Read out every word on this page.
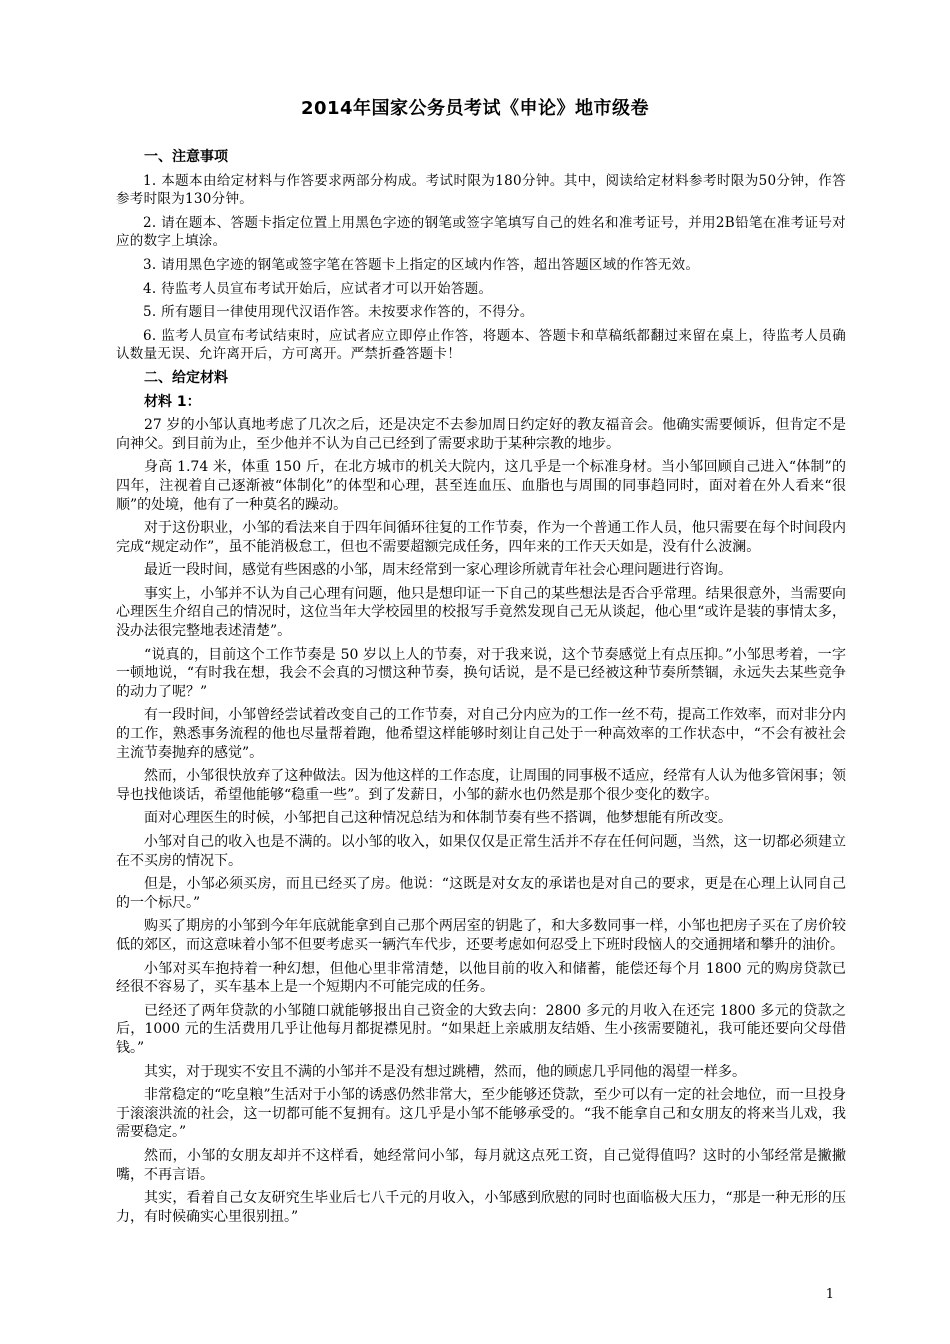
2014年国家公务员考试《申论》地市级卷
一、注意事项

1. 本题本由给定材料与作答要求两部分构成。考试时限为180分钟。其中，阅读给定材料参考时限为50分钟，作答参考时限为130分钟。

2. 请在题本、答题卡指定位置上用黑色字迹的钢笔或签字笔填写自己的姓名和准考证号，并用2B铅笔在准考证号对应的数字上填涂。

3. 请用黑色字迹的钢笔或签字笔在答题卡上指定的区域内作答，超出答题区域的作答无效。

4. 待监考人员宣布考试开始后，应试者才可以开始答题。

5. 所有题目一律使用现代汉语作答。未按要求作答的，不得分。

6. 监考人员宣布考试结束时，应试者应立即停止作答，将题本、答题卡和草稿纸都翻过来留在桌上，待监考人员确认数量无误、允许离开后，方可离开。严禁折叠答题卡！

二、给定材料
材料 1：

27 岁的小邹认真地考虑了几次之后，还是决定不去参加周日约定好的教友福音会。他确实需要倾诉，但肯定不是向神父。到目前为止，至少他并不认为自己已经到了需要求助于某种宗教的地步。

身高 1.74 米，体重 150 斤，在北方城市的机关大院内，这几乎是一个标准身材。当小邹回顾自己进入“体制”的四年，注视着自己逐渐被“体制化”的体型和心理，甚至连血压、血脂也与周围的同事趋同时，面对着在外人看来“很顺”的处境，他有了一种莫名的躁动。

对于这份职业，小邹的看法来自于四年间循环往复的工作节奏，作为一个普通工作人员，他只需要在每个时间段内完成“规定动作”，虽不能消极怠工，但也不需要超额完成任务，四年来的工作天天如是，没有什么波澜。

最近一段时间，感觉有些困惑的小邹，周末经常到一家心理诊所就青年社会心理问题进行咨询。

事实上，小邹并不认为自己心理有问题，他只是想印证一下自己的某些想法是否合乎常理。结果很意外，当需要向心理医生介绍自己的情况时，这位当年大学校园里的校报写手竟然发现自己无从谈起，他心里“或许是装的事情太多，没办法很完整地表述清楚”。

“说真的，目前这个工作节奏是 50 岁以上人的节奏，对于我来说，这个节奏感觉上有点压抑。”小邹思考着，一字一顿地说，“有时我在想，我会不会真的习惯这种节奏，换句话说，是不是已经被这种节奏所禁锢，永远失去某些竞争的动力了呢？”

有一段时间，小邹曾经尝试着改变自己的工作节奏，对自己分内应为的工作一丝不苟，提高工作效率，而对非分内的工作，熟悉事务流程的他也尽量帮着跑，他希望这样能够时刻让自己处于一种高效率的工作状态中，“不会有被社会主流节奏抛弃的感觉”。

然而，小邹很快放弃了这种做法。因为他这样的工作态度，让周围的同事极不适应，经常有人认为他多管闲事；领导也找他谈话，希望他能够“稳重一些”。到了发薪日，小邹的薪水也仍然是那个很少变化的数字。

面对心理医生的时候，小邹把自己这种情况总结为和体制节奏有些不搭调，他梦想能有所改变。

小邹对自己的收入也是不满的。以小邹的收入，如果仅仅是正常生活并不存在任何问题，当然，这一切都必须建立在不买房的情况下。

但是，小邹必须买房，而且已经买了房。他说：“这既是对女友的承诺也是对自己的要求，更是在心理上认同自己的一个标尺。”

购买了期房的小邹到今年年底就能拿到自己那个两居室的钥匙了，和大多数同事一样，小邹也把房子买在了房价较低的郊区，而这意味着小邹不但要考虑买一辆汽车代步，还要考虑如何忍受上下班时段恼人的交通拥堵和攀升的油价。

小邹对买车抱持着一种幻想，但他心里非常清楚，以他目前的收入和储蓄，能偿还每个月 1800 元的购房贷款已经很不容易了，买车基本上是一个短期内不可能完成的任务。

已经还了两年贷款的小邹随口就能够报出自己资金的大致去向：2800 多元的月收入在还完 1800 多元的贷款之后，1000 元的生活费用几乎让他每月都捉襟见肘。“如果赶上亲戚朋友结婚、生小孩需要随礼，我可能还要向父母借钱。”

其实，对于现实不安且不满的小邹并不是没有想过跳槽，然而，他的顾虑几乎同他的渴望一样多。

非常稳定的“吃皇粮”生活对于小邹的诱惑仍然非常大，至少能够还贷款，至少可以有一定的社会地位，而一旦投身于滚滚洪流的社会，这一切都可能不复拥有。这几乎是小邹不能够承受的。“我不能拿自己和女朋友的将来当儿戏，我需要稳定。”

然而，小邹的女朋友却并不这样看，她经常问小邹，每月就这点死工资，自己觉得值吗？这时的小邹经常是撇撇嘴，不再言语。

其实，看着自己女友研究生毕业后七八千元的月收入，小邹感到欣慰的同时也面临极大压力，“那是一种无形的压力，有时候确实心里很别扭。”

1
